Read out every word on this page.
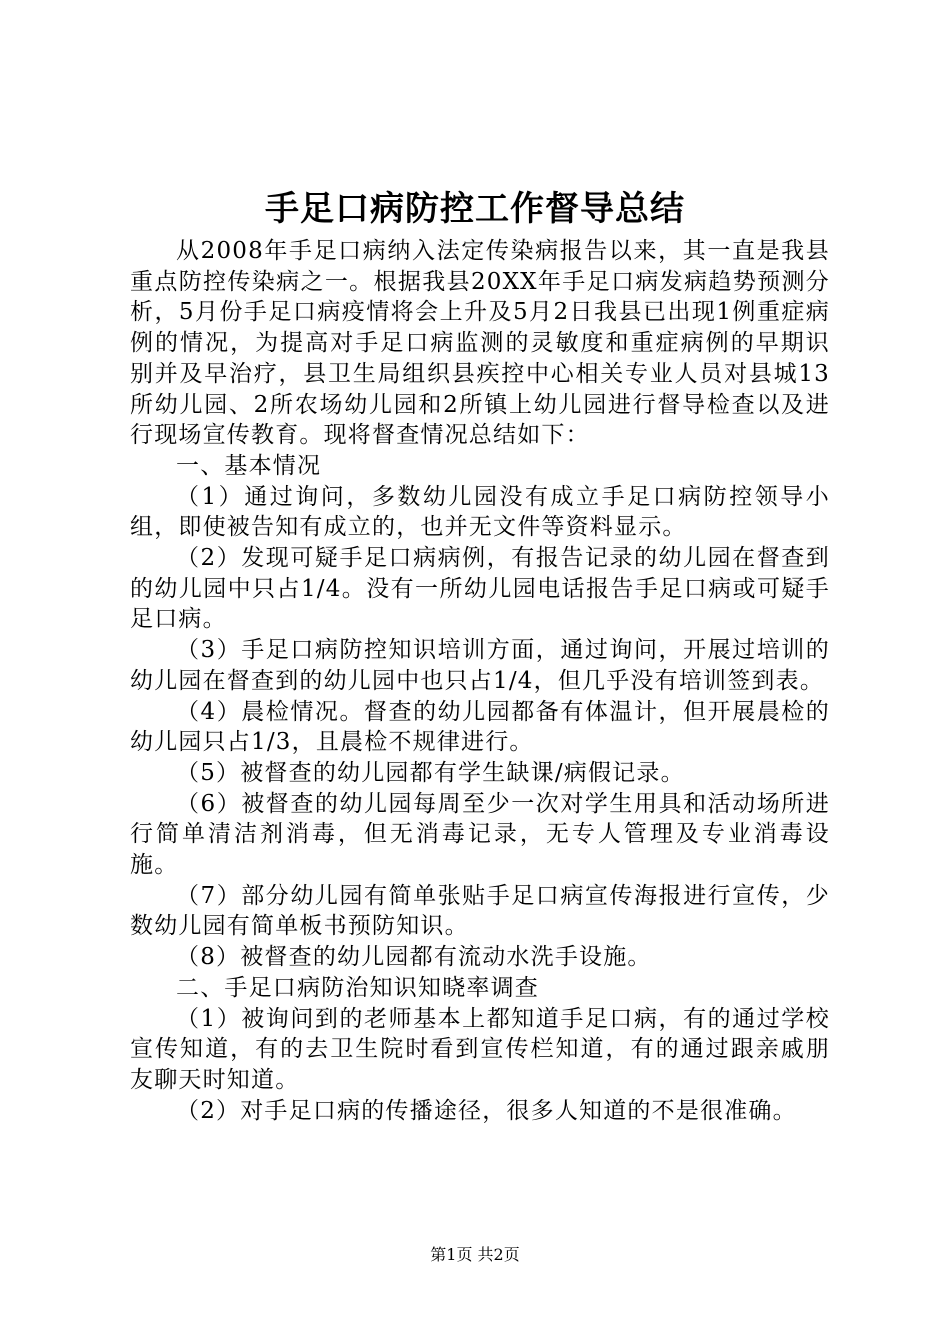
手足口病防控工作督导总结

从2008年手足口病纳入法定传染病报告以来，其一直是我县重点防控传染病之一。根据我县20XX年手足口病发病趋势预测分析，5月份手足口病疫情将会上升及5月2日我县已出现1例重症病例的情况，为提高对手足口病监测的灵敏度和重症病例的早期识别并及早治疗，县卫生局组织县疾控中心相关专业人员对县城13所幼儿园、2所农场幼儿园和2所镇上幼儿园进行督导检查以及进行现场宣传教育。现将督查情况总结如下：

一、基本情况

（1）通过询问，多数幼儿园没有成立手足口病防控领导小组，即使被告知有成立的，也并无文件等资料显示。

（2）发现可疑手足口病病例，有报告记录的幼儿园在督查到的幼儿园中只占1/4。没有一所幼儿园电话报告手足口病或可疑手足口病。

（3）手足口病防控知识培训方面，通过询问，开展过培训的幼儿园在督查到的幼儿园中也只占1/4，但几乎没有培训签到表。

（4）晨检情况。督查的幼儿园都备有体温计，但开展晨检的幼儿园只占1/3，且晨检不规律进行。

（5）被督查的幼儿园都有学生缺课/病假记录。

（6）被督查的幼儿园每周至少一次对学生用具和活动场所进行简单清洁剂消毒，但无消毒记录，无专人管理及专业消毒设施。

（7）部分幼儿园有简单张贴手足口病宣传海报进行宣传，少数幼儿园有简单板书预防知识。

（8）被督查的幼儿园都有流动水洗手设施。

二、手足口病防治知识知晓率调查

（1）被询问到的老师基本上都知道手足口病，有的通过学校宣传知道，有的去卫生院时看到宣传栏知道，有的通过跟亲戚朋友聊天时知道。

（2）对手足口病的传播途径，很多人知道的不是很准确。

第1页 共2页
